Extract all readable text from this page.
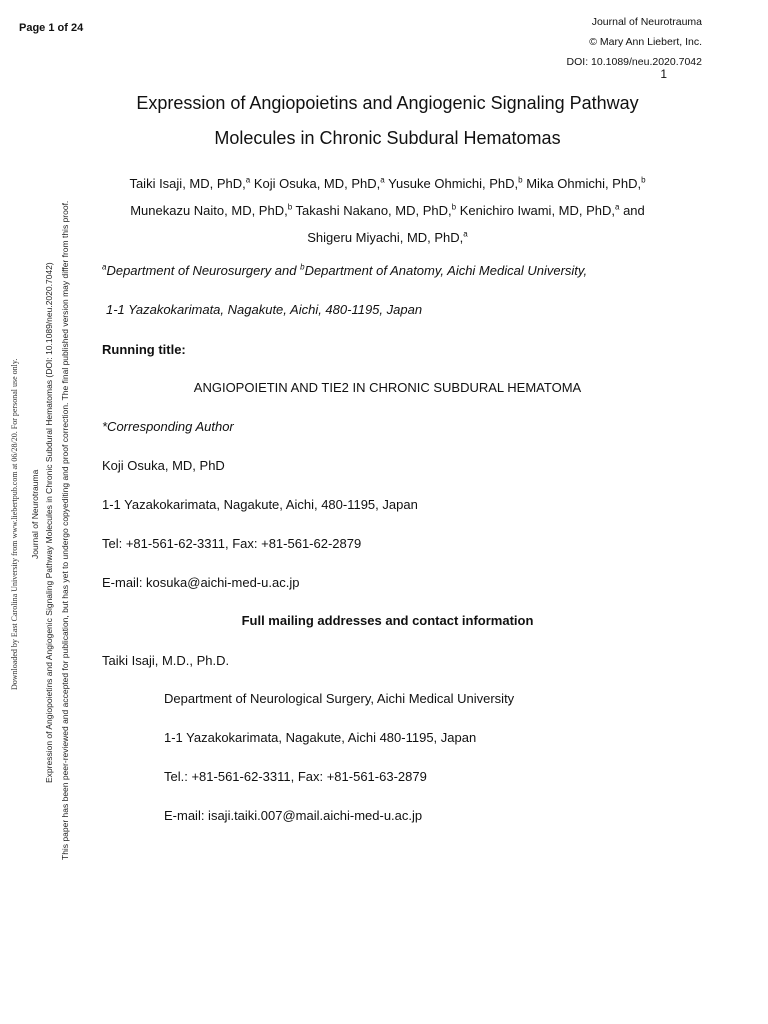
Page 1 of 24	Journal of Neurotrauma
© Mary Ann Liebert, Inc.
DOI: 10.1089/neu.2020.7042
1
Expression of Angiopoietins and Angiogenic Signaling Pathway
Molecules in Chronic Subdural Hematomas
Taiki Isaji, MD, PhD,$^a$ Koji Osuka, MD, PhD,$^a$ Yusuke Ohmichi, PhD,$^b$ Mika Ohmichi, PhD,$^b$
Munekazu Naito, MD, PhD,$^b$ Takashi Nakano, MD, PhD,$^b$ Kenichiro Iwami, MD, PhD,$^a$ and
Shigeru Miyachi, MD, PhD,$^a$
$^a$Department of Neurosurgery and $^b$Department of Anatomy, Aichi Medical University,
1-1 Yazakokarimata, Nagakute, Aichi, 480-1195, Japan
Running title:
ANGIOPOIETIN AND TIE2 IN CHRONIC SUBDURAL HEMATOMA
*Corresponding Author
Koji Osuka, MD, PhD
1-1 Yazakokarimata, Nagakute, Aichi, 480-1195, Japan
Tel: +81-561-62-3311, Fax: +81-561-62-2879
E-mail: kosuka@aichi-med-u.ac.jp
Full mailing addresses and contact information
Taiki Isaji, M.D., Ph.D.
Department of Neurological Surgery, Aichi Medical University
1-1 Yazakokarimata, Nagakute, Aichi 480-1195, Japan
Tel.: +81-561-62-3311, Fax: +81-561-63-2879
E-mail: isaji.taiki.007@mail.aichi-med-u.ac.jp
Downloaded by East Carolina University from www.liebertpub.com at 06/28/20. For personal use only. Journal of Neurotrauma Expression of Angiopoietins and Angiogenic Signaling Pathway Molecules in Chronic Subdural Hematomas (DOI: 10.1089/neu.2020.7042) This paper has been peer-reviewed and accepted for publication, but has yet to undergo copyediting and proof correction. The final published version may differ from this proof.
